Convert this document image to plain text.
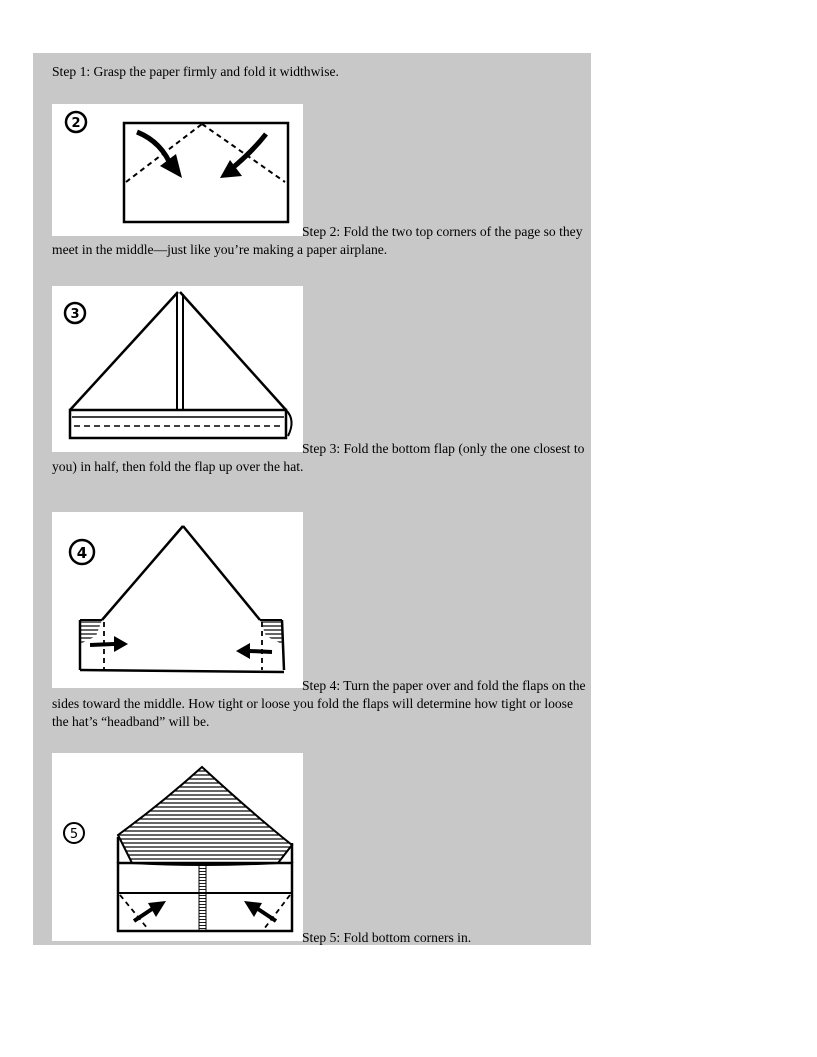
Step 1: Grasp the paper firmly and fold it widthwise.

2

Step 2: Fold the two top corners of the page so they meet in the middle—just like you’re making a paper airplane.

3

Step 3: Fold the bottom flap (only the one closest to you) in half, then fold the flap up over the hat.

4

Step 4: Turn the paper over and fold the flaps on the sides toward the middle. How tight or loose you fold the flaps will determine how tight or loose the hat’s “headband” will be.

5

Step 5: Fold bottom corners in.
